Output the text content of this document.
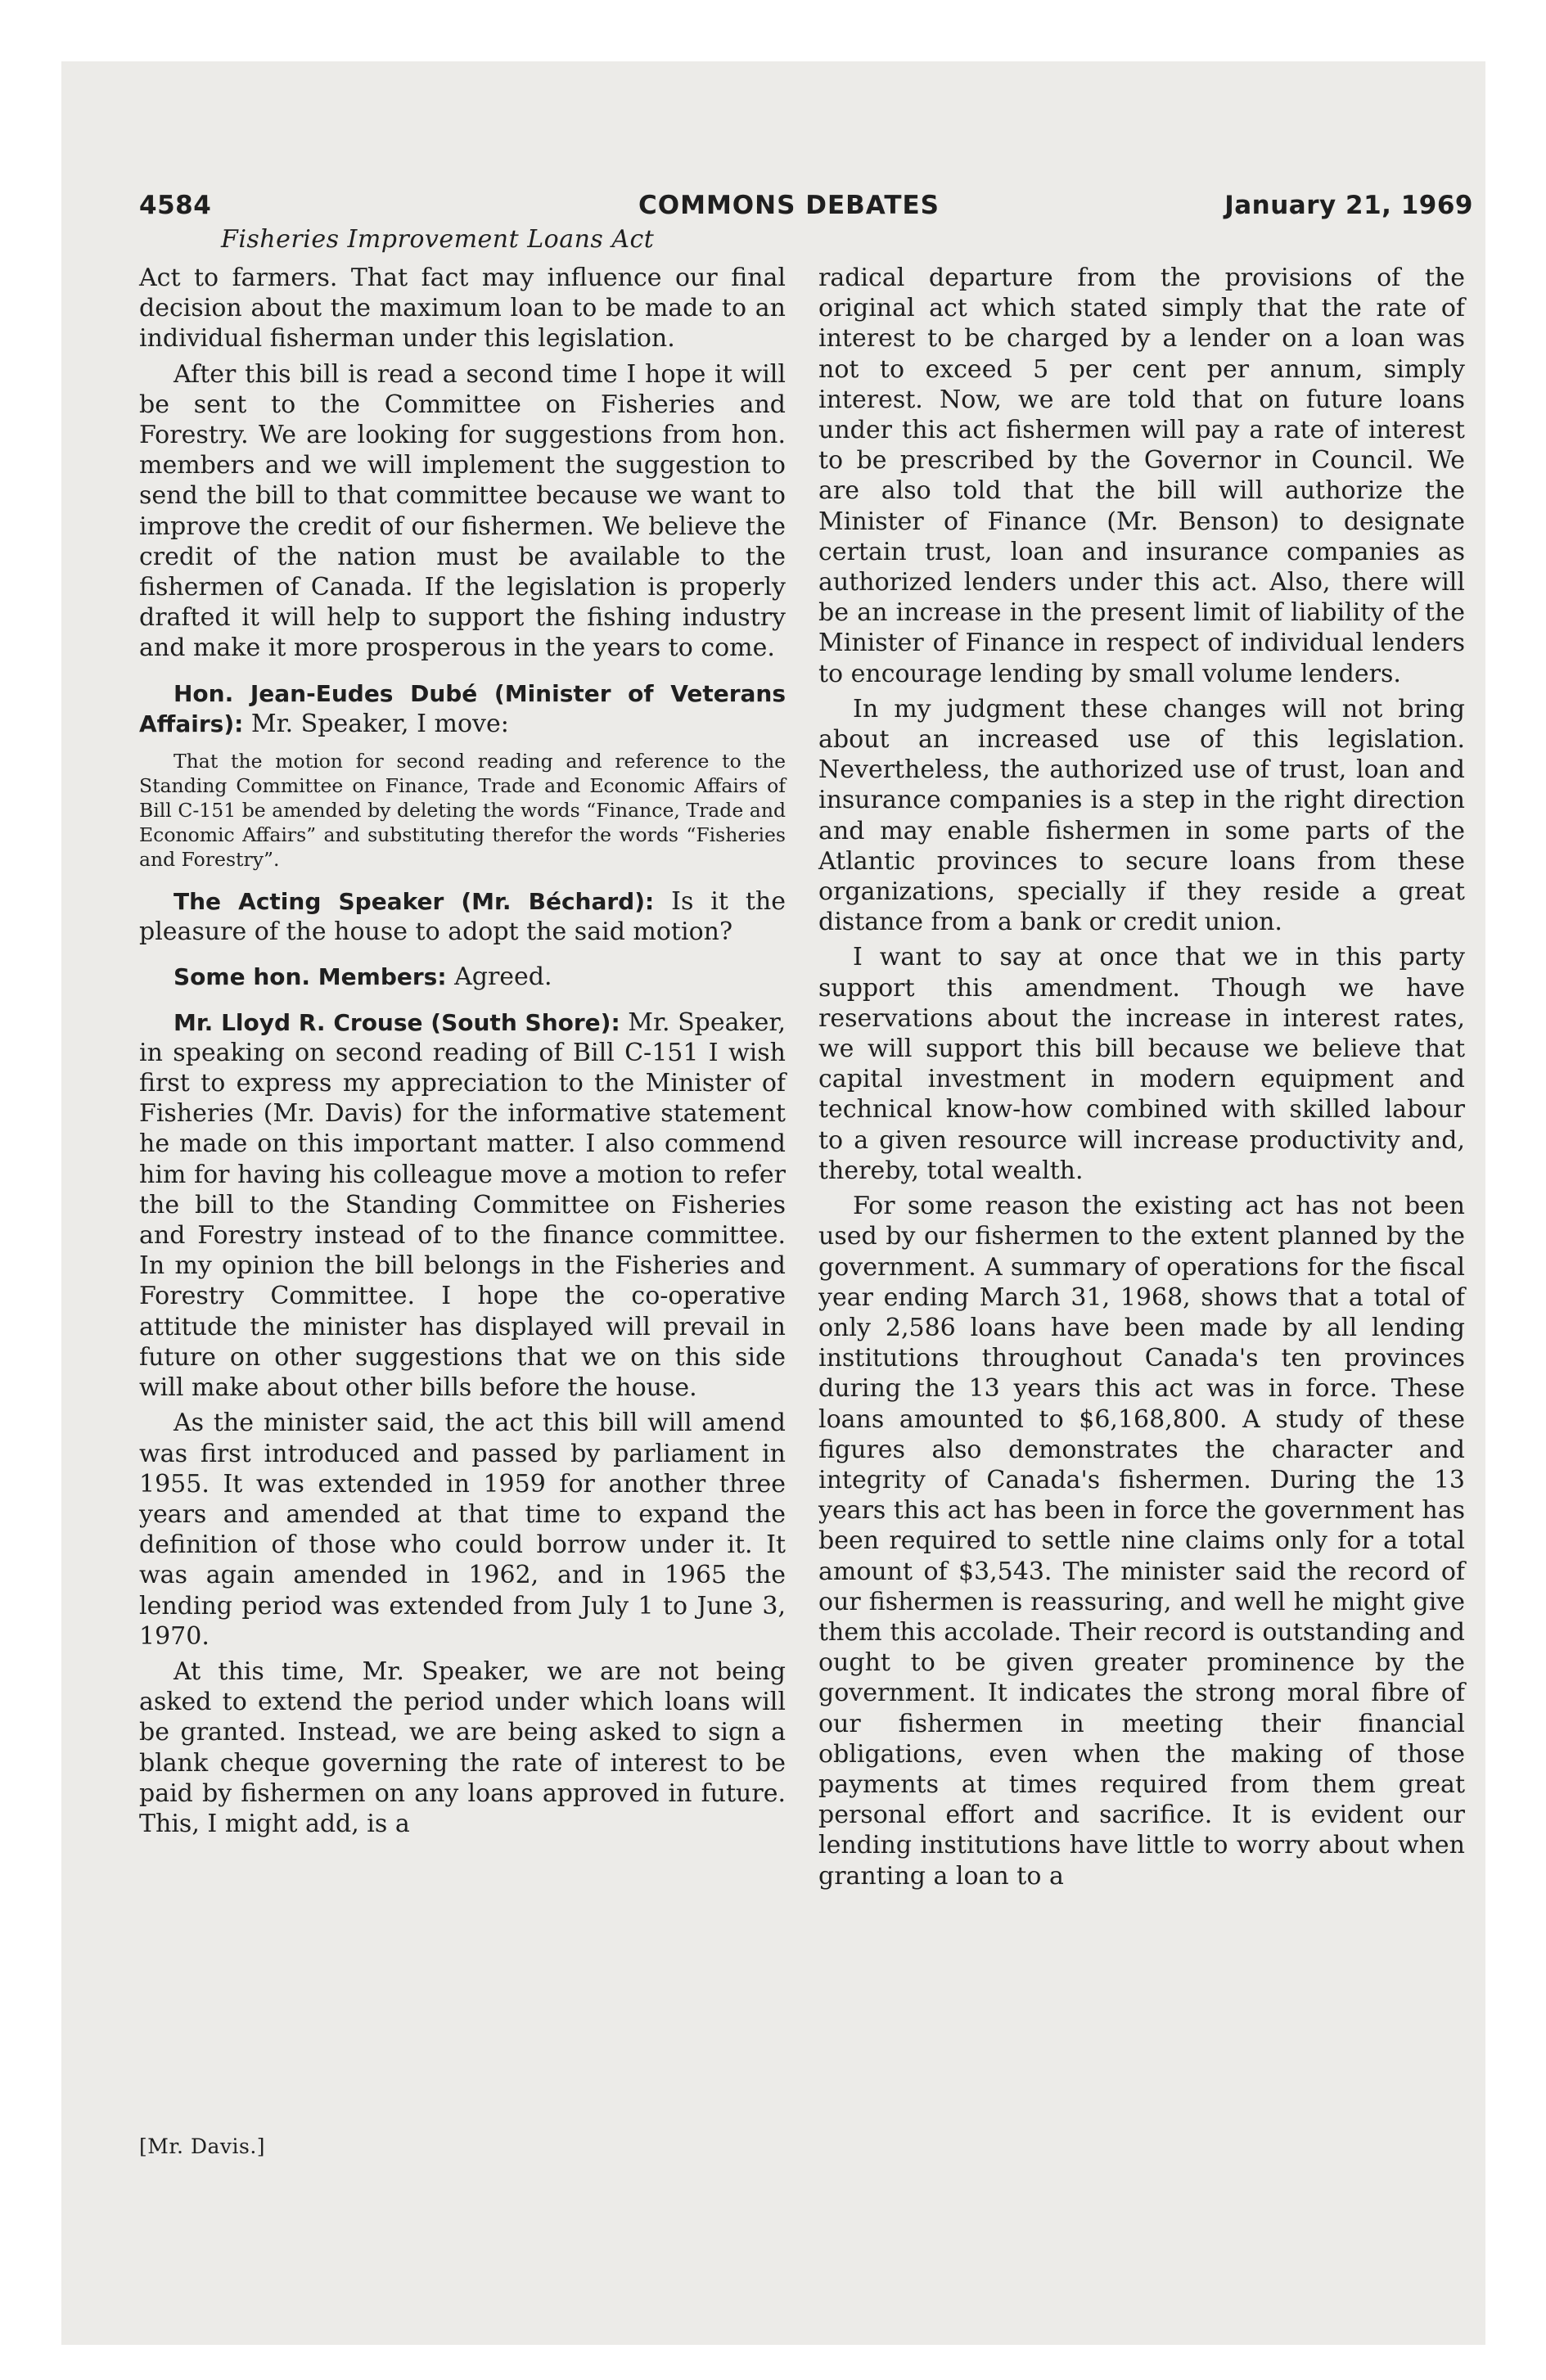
4584	COMMONS DEBATES	January 21, 1969
Fisheries Improvement Loans Act

Act to farmers. That fact may influence our final decision about the maximum loan to be made to an individual fisherman under this legislation.

After this bill is read a second time I hope it will be sent to the Committee on Fisheries and Forestry. We are looking for suggestions from hon. members and we will implement the suggestion to send the bill to that committee because we want to improve the credit of our fishermen. We believe the credit of the nation must be available to the fishermen of Canada. If the legislation is properly drafted it will help to support the fishing industry and make it more prosperous in the years to come.

Hon. Jean-Eudes Dubé (Minister of Veterans Affairs): Mr. Speaker, I move:

That the motion for second reading and reference to the Standing Committee on Finance, Trade and Economic Affairs of Bill C-151 be amended by deleting the words “Finance, Trade and Economic Affairs” and substituting therefor the words “Fisheries and Forestry”.

The Acting Speaker (Mr. Béchard): Is it the pleasure of the house to adopt the said motion?

Some hon. Members: Agreed.

Mr. Lloyd R. Crouse (South Shore): Mr. Speaker, in speaking on second reading of Bill C-151 I wish first to express my appreciation to the Minister of Fisheries (Mr. Davis) for the informative statement he made on this important matter. I also commend him for having his colleague move a motion to refer the bill to the Standing Committee on Fisheries and Forestry instead of to the finance committee. In my opinion the bill belongs in the Fisheries and Forestry Committee. I hope the co-operative attitude the minister has displayed will prevail in future on other suggestions that we on this side will make about other bills before the house.

As the minister said, the act this bill will amend was first introduced and passed by parliament in 1955. It was extended in 1959 for another three years and amended at that time to expand the definition of those who could borrow under it. It was again amended in 1962, and in 1965 the lending period was extended from July 1 to June 3, 1970.

At this time, Mr. Speaker, we are not being asked to extend the period under which loans will be granted. Instead, we are being asked to sign a blank cheque governing the rate of interest to be paid by fishermen on any loans approved in future. This, I might add, is a

radical departure from the provisions of the original act which stated simply that the rate of interest to be charged by a lender on a loan was not to exceed 5 per cent per annum, simply interest. Now, we are told that on future loans under this act fishermen will pay a rate of interest to be prescribed by the Governor in Council. We are also told that the bill will authorize the Minister of Finance (Mr. Benson) to designate certain trust, loan and insurance companies as authorized lenders under this act. Also, there will be an increase in the present limit of liability of the Minister of Finance in respect of individual lenders to encourage lending by small volume lenders.

In my judgment these changes will not bring about an increased use of this legislation. Nevertheless, the authorized use of trust, loan and insurance companies is a step in the right direction and may enable fishermen in some parts of the Atlantic provinces to secure loans from these organizations, specially if they reside a great distance from a bank or credit union.

I want to say at once that we in this party support this amendment. Though we have reservations about the increase in interest rates, we will support this bill because we believe that capital investment in modern equipment and technical know-how combined with skilled labour to a given resource will increase productivity and, thereby, total wealth.

For some reason the existing act has not been used by our fishermen to the extent planned by the government. A summary of operations for the fiscal year ending March 31, 1968, shows that a total of only 2,586 loans have been made by all lending institutions throughout Canada's ten provinces during the 13 years this act was in force. These loans amounted to $6,168,800. A study of these figures also demonstrates the character and integrity of Canada's fishermen. During the 13 years this act has been in force the government has been required to settle nine claims only for a total amount of $3,543. The minister said the record of our fishermen is reassuring, and well he might give them this accolade. Their record is outstanding and ought to be given greater prominence by the government. It indicates the strong moral fibre of our fishermen in meeting their financial obligations, even when the making of those payments at times required from them great personal effort and sacrifice. It is evident our lending institutions have little to worry about when granting a loan to a

[Mr. Davis.]
